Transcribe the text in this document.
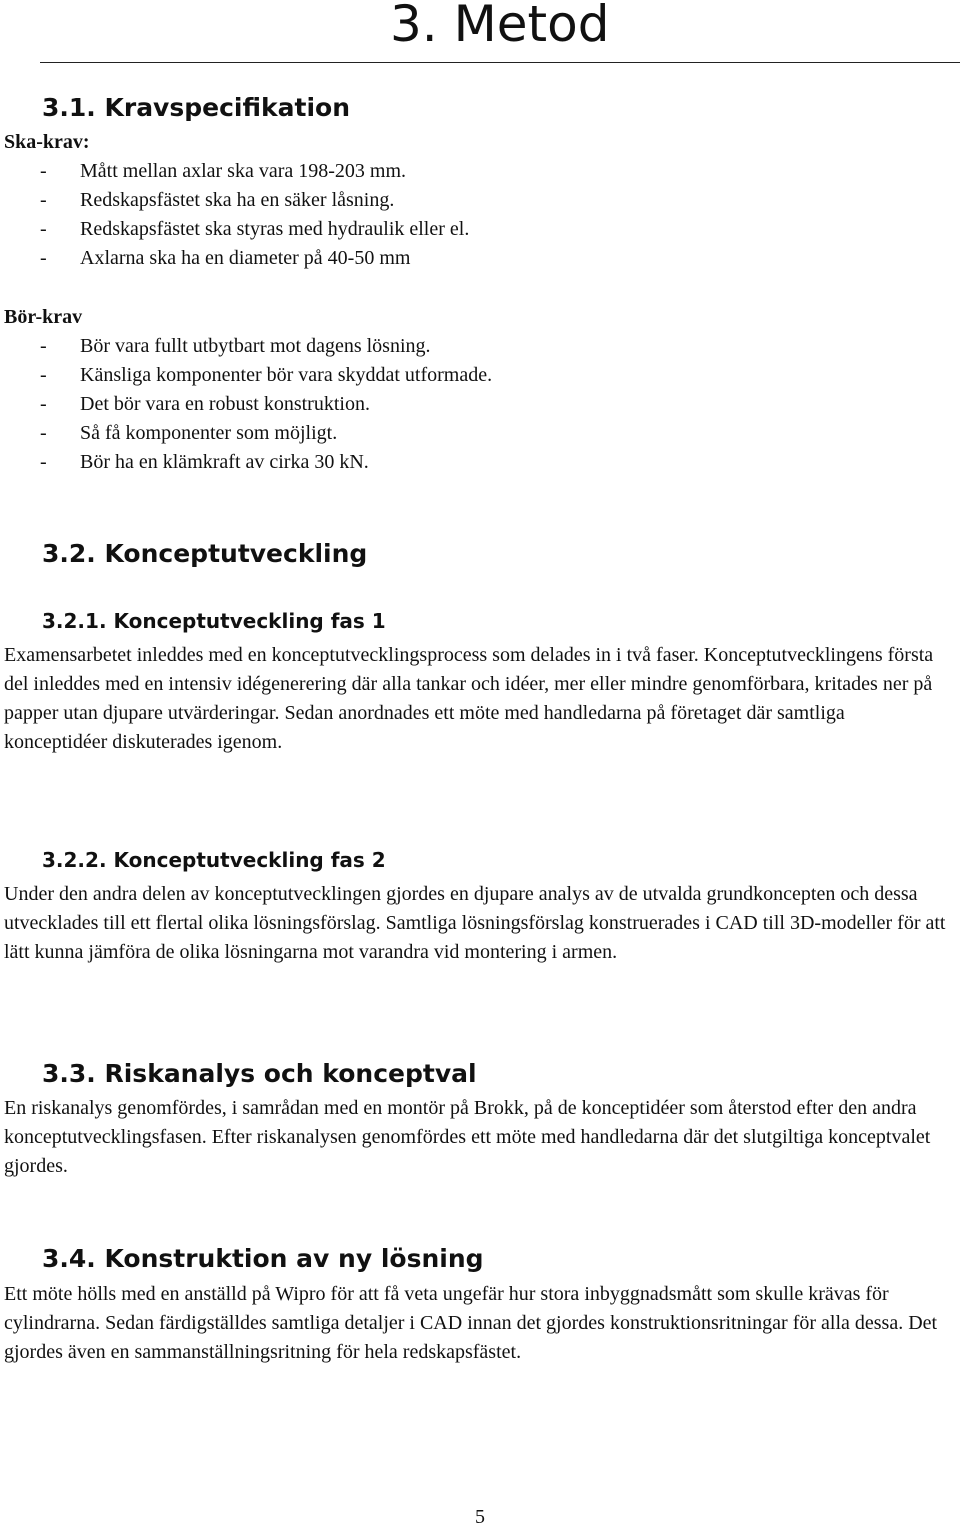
3. Metod
3.1. Kravspecifikation
Ska-krav:
- Mått mellan axlar ska vara 198-203 mm.
- Redskapsfästet ska ha en säker låsning.
- Redskapsfästet ska styras med hydraulik eller el.
- Axlarna ska ha en diameter på 40-50 mm
Bör-krav
- Bör vara fullt utbytbart mot dagens lösning.
- Känsliga komponenter bör vara skyddat utformade.
- Det bör vara en robust konstruktion.
- Så få komponenter som möjligt.
- Bör ha en klämkraft av cirka 30 kN.
3.2. Konceptutveckling
3.2.1. Konceptutveckling fas 1

Examensarbetet inleddes med en konceptutvecklingsprocess som delades in i två faser. Konceptutvecklingens första del inleddes med en intensiv idégenerering där alla tankar och idéer, mer eller mindre genomförbara, kritades ner på papper utan djupare utvärderingar. Sedan anordnades ett möte med handledarna på företaget där samtliga konceptidéer diskuterades igenom.

3.2.2. Konceptutveckling fas 2

Under den andra delen av konceptutvecklingen gjordes en djupare analys av de utvalda grundkoncepten och dessa utvecklades till ett flertal olika lösningsförslag. Samtliga lösningsförslag konstruerades i CAD till 3D-modeller för att lätt kunna jämföra de olika lösningarna mot varandra vid montering i armen.

3.3. Riskanalys och konceptval

En riskanalys genomfördes, i samrådan med en montör på Brokk, på de konceptidéer som återstod efter den andra konceptutvecklingsfasen. Efter riskanalysen genomfördes ett möte med handledarna där det slutgiltiga konceptvalet gjordes.

3.4. Konstruktion av ny lösning

Ett möte hölls med en anställd på Wipro för att få veta ungefär hur stora inbyggnadsmått som skulle krävas för cylindrarna. Sedan färdigställdes samtliga detaljer i CAD innan det gjordes konstruktionsritningar för alla dessa. Det gjordes även en sammanställningsritning för hela redskapsfästet.

5
